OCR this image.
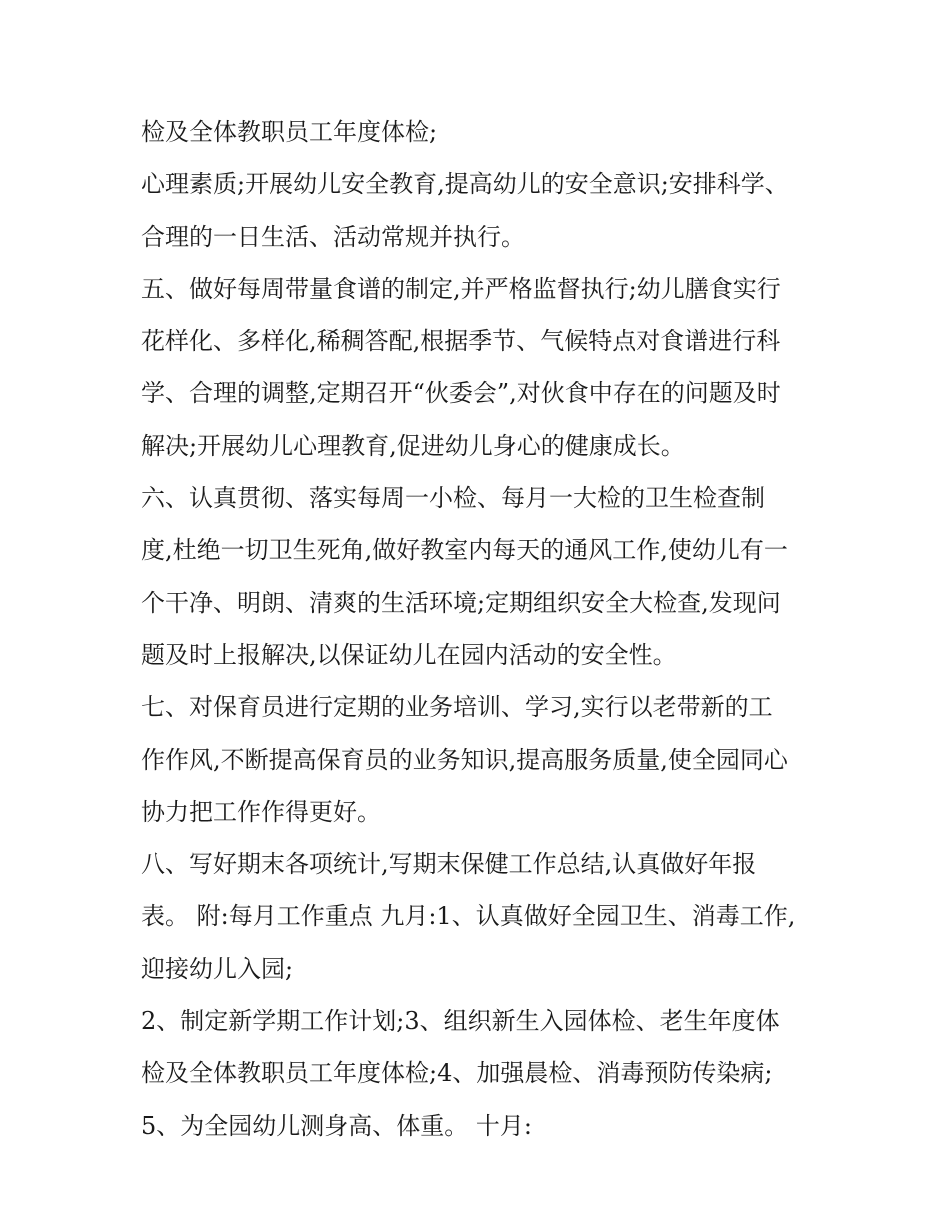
检及全体教职员工年度体检;
心理素质;开展幼儿安全教育,提高幼儿的安全意识;安排科学、
合理的一日生活、活动常规并执行。
五、做好每周带量食谱的制定,并严格监督执行;幼儿膳食实行
花样化、多样化,稀稠答配,根据季节、气候特点对食谱进行科
学、合理的调整,定期召开“伙委会”,对伙食中存在的问题及时
解决;开展幼儿心理教育,促进幼儿身心的健康成长。
六、认真贯彻、落实每周一小检、每月一大检的卫生检查制
度,杜绝一切卫生死角,做好教室内每天的通风工作,使幼儿有一
个干净、明朗、清爽的生活环境;定期组织安全大检查,发现问
题及时上报解决,以保证幼儿在园内活动的安全性。
七、对保育员进行定期的业务培训、学习,实行以老带新的工
作作风,不断提高保育员的业务知识,提高服务质量,使全园同心
协力把工作作得更好。
八、写好期末各项统计,写期末保健工作总结,认真做好年报
表。 附:每月工作重点 九月:1、认真做好全园卫生、消毒工作,
迎接幼儿入园;
2、制定新学期工作计划;3、组织新生入园体检、老生年度体
检及全体教职员工年度体检;4、加强晨检、消毒预防传染病;
5、为全园幼儿测身高、体重。 十月:
